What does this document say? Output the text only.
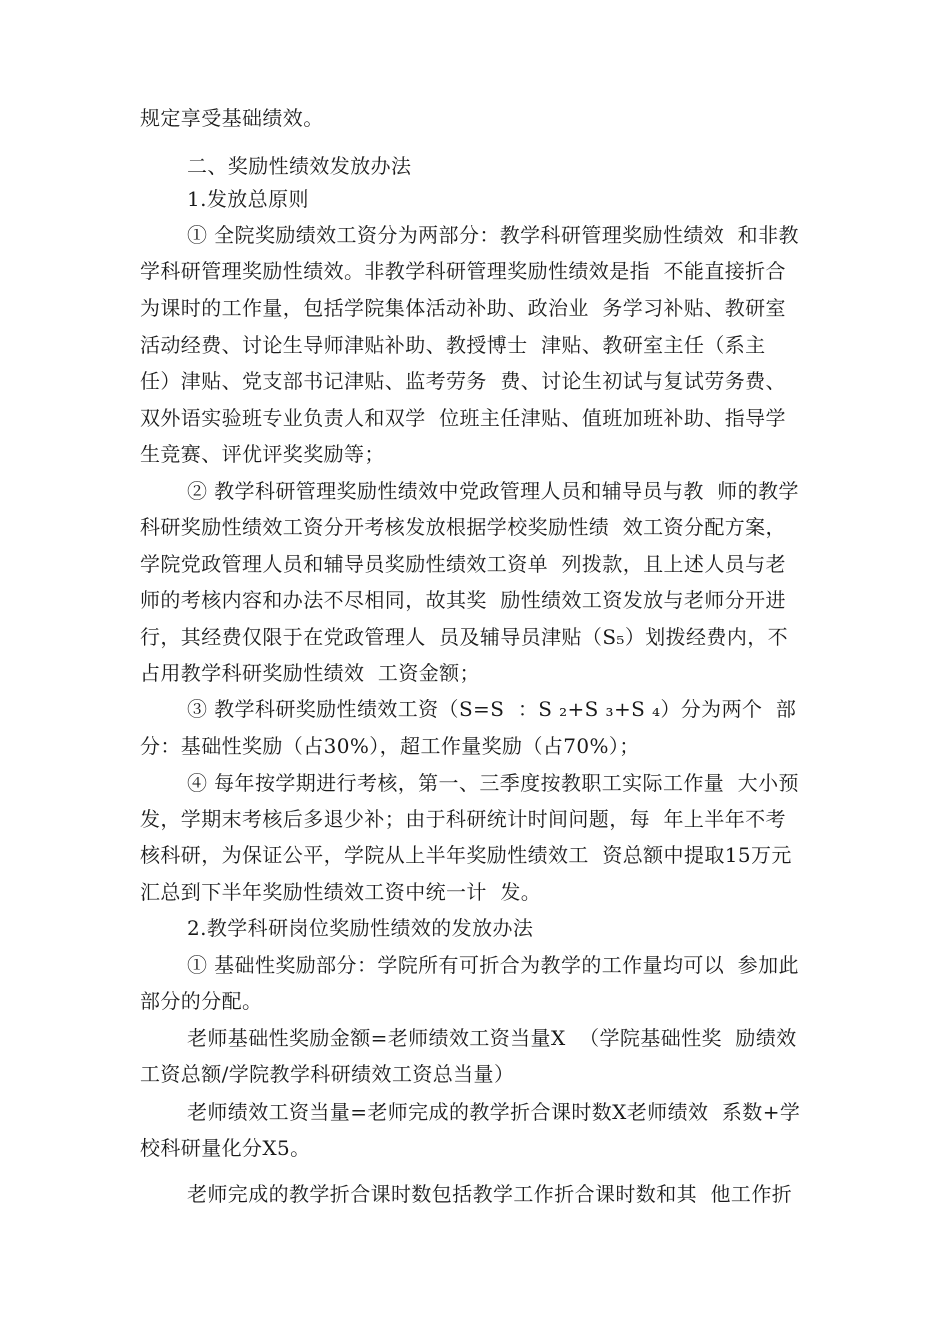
规定享受基础绩效。
二、奖励性绩效发放办法
1.发放总原则
① 全院奖励绩效工资分为两部分：教学科研管理奖励性绩效  和非教
学科研管理奖励性绩效。非教学科研管理奖励性绩效是指  不能直接折合
为课时的工作量，包括学院集体活动补助、政治业  务学习补贴、教研室
活动经费、讨论生导师津贴补助、教授博士  津贴、教研室主任（系主
任）津贴、党支部书记津贴、监考劳务  费、讨论生初试与复试劳务费、
双外语实验班专业负责人和双学  位班主任津贴、值班加班补助、指导学
生竞赛、评优评奖奖励等；
② 教学科研管理奖励性绩效中党政管理人员和辅导员与教  师的教学
科研奖励性绩效工资分开考核发放根据学校奖励性绩  效工资分配方案，
学院党政管理人员和辅导员奖励性绩效工资单  列拨款，且上述人员与老
师的考核内容和办法不尽相同，故其奖  励性绩效工资发放与老师分开进
行，其经费仅限于在党政管理人  员及辅导员津贴（S₅）划拨经费内，不
占用教学科研奖励性绩效  工资金额；
③ 教学科研奖励性绩效工资（S=S  ：S ₂+S ₃+S ₄）分为两个  部
分：基础性奖励（占30%），超工作量奖励（占70%）；
④ 每年按学期进行考核，第一、三季度按教职工实际工作量  大小预
发，学期末考核后多退少补；由于科研统计时间问题，每  年上半年不考
核科研，为保证公平，学院从上半年奖励性绩效工  资总额中提取15万元
汇总到下半年奖励性绩效工资中统一计  发。
2.教学科研岗位奖励性绩效的发放办法
① 基础性奖励部分：学院所有可折合为教学的工作量均可以  参加此
部分的分配。
老师基础性奖励金额=老师绩效工资当量X  （学院基础性奖  励绩效
工资总额/学院教学科研绩效工资总当量）
老师绩效工资当量=老师完成的教学折合课时数X老师绩效  系数+学
校科研量化分X5。
老师完成的教学折合课时数包括教学工作折合课时数和其  他工作折
